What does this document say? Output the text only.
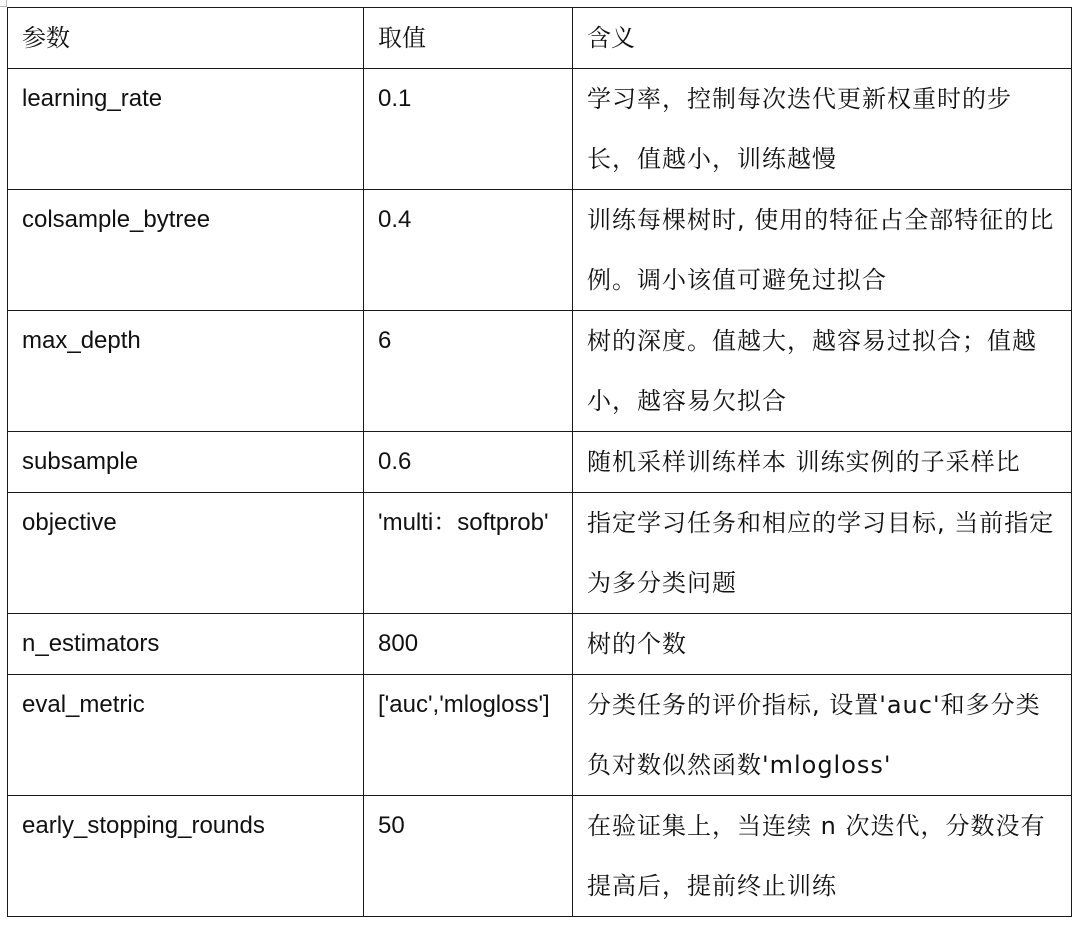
参数	取值	含义
learning_rate	0.1	学习率，控制每次迭代更新权重时的步长，值越小，训练越慢
colsample_bytree	0.4	训练每棵树时, 使用的特征占全部特征的比例。调小该值可避免过拟合
max_depth	6	树的深度。值越大，越容易过拟合；值越小，越容易欠拟合
subsample	0.6	随机采样训练样本 训练实例的子采样比
objective	'multi：softprob'	指定学习任务和相应的学习目标, 当前指定为多分类问题
n_estimators	800	树的个数
eval_metric	['auc','mlogloss']	分类任务的评价指标, 设置'auc'和多分类负对数似然函数'mlogloss'
early_stopping_rounds	50	在验证集上，当连续 n 次迭代，分数没有提高后，提前终止训练
